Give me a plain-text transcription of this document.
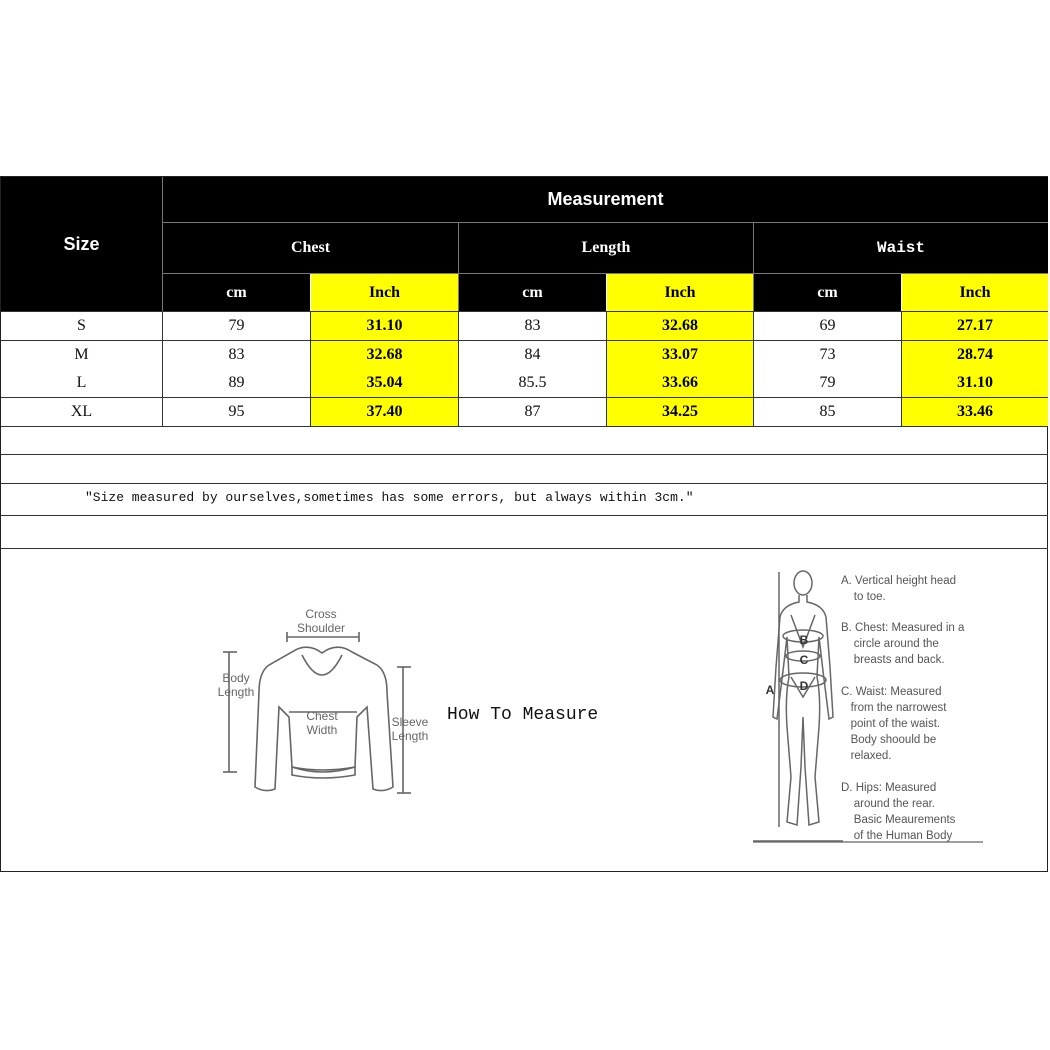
Size
Measurement
Chest	Length	Waist
cm	Inch	cm	Inch	cm	Inch
S	79	31.10	83	32.68	69	27.17
M	83	32.68	84	33.07	73	28.74
L	89	35.04	85.5	33.66	79	31.10
XL	95	37.40	87	34.25	85	33.46
"Size measured by ourselves,sometimes has some errors, but always within 3cm."
Cross
Shoulder
Body
Length
Chest
Width
Sleeve
Length
How To Measure
A
B
C
D
A. Vertical height head
to toe.
B. Chest: Measured in a
circle around the
breasts and back.
C. Waist: Measured
from the narrowest
point of the waist.
Body shoould be
relaxed.
D. Hips: Measured
around the rear.
Basic Meaurements
of the Human Body
